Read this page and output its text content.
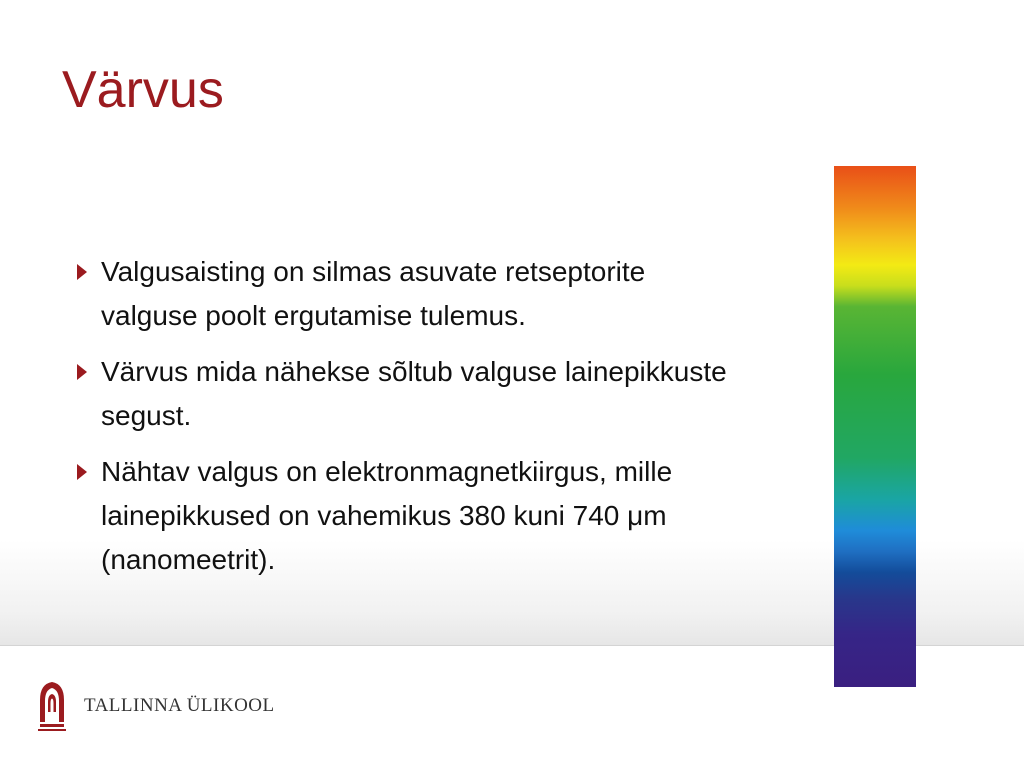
Värvus
Valgusaisting on silmas asuvate retseptorite valguse poolt ergutamise tulemus.
Värvus mida nähekse sõltub valguse lainepikkuste segust.
Nähtav valgus on elektronmagnetkiirgus, mille lainepikkused on vahemikus 380 kuni 740 μm (nanomeetrit).
TALLINNA ÜLIKOOL
